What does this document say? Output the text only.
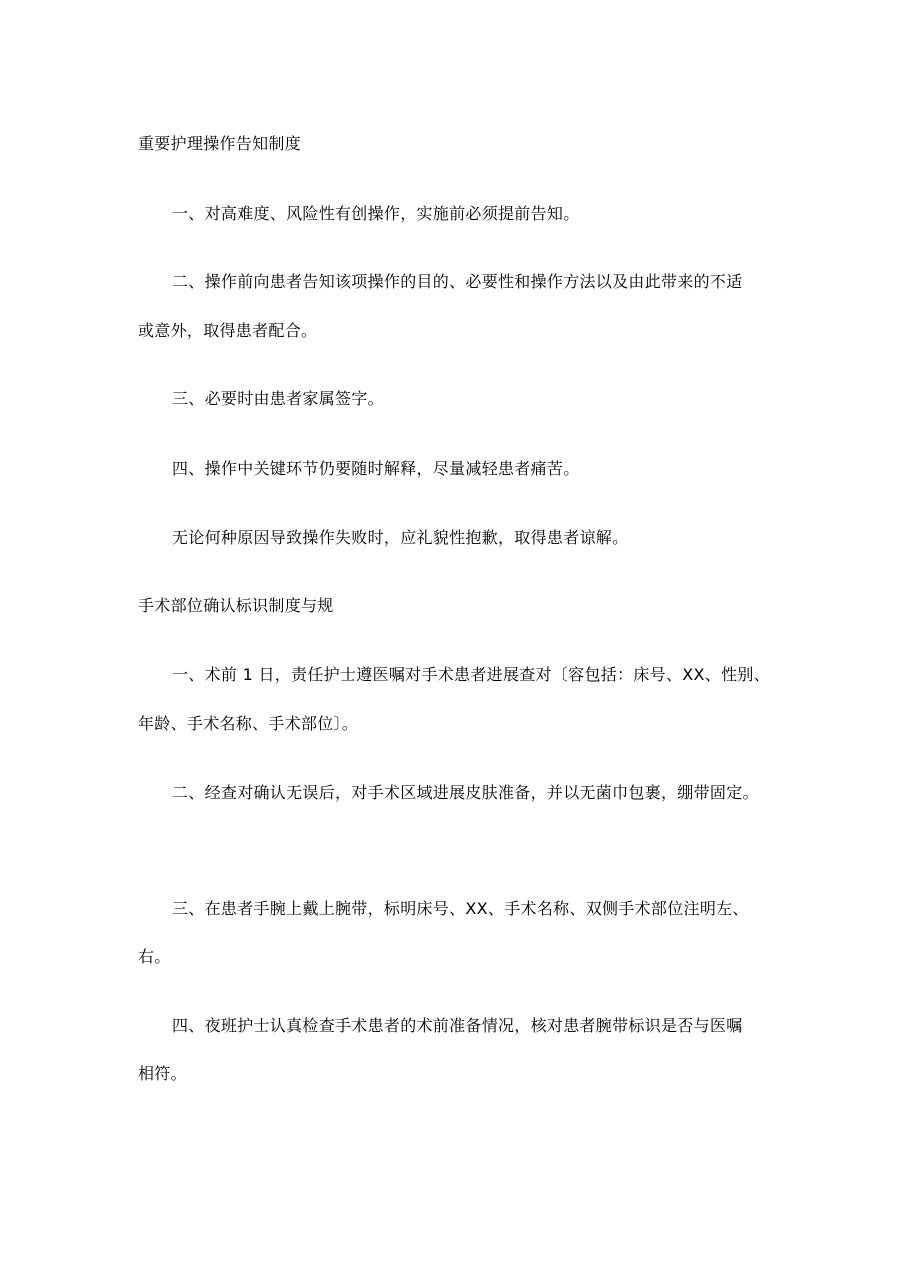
重要护理操作告知制度
一、对高难度、风险性有创操作，实施前必须提前告知。
二、操作前向患者告知该项操作的目的、必要性和操作方法以及由此带来的不适
或意外，取得患者配合。
三、必要时由患者家属签字。
四、操作中关键环节仍要随时解释，尽量减轻患者痛苦。
无论何种原因导致操作失败时，应礼貌性抱歉，取得患者谅解。
手术部位确认标识制度与规
一、术前 1 日，责任护士遵医嘱对手术患者进展查对〔容包括：床号、XX、性别、
年龄、手术名称、手术部位〕。
二、经查对确认无误后，对手术区域进展皮肤准备，并以无菌巾包裹，绷带固定。
三、在患者手腕上戴上腕带，标明床号、XX、手术名称、双侧手术部位注明左、
右。
四、夜班护士认真检查手术患者的术前准备情况，核对患者腕带标识是否与医嘱
相符。
